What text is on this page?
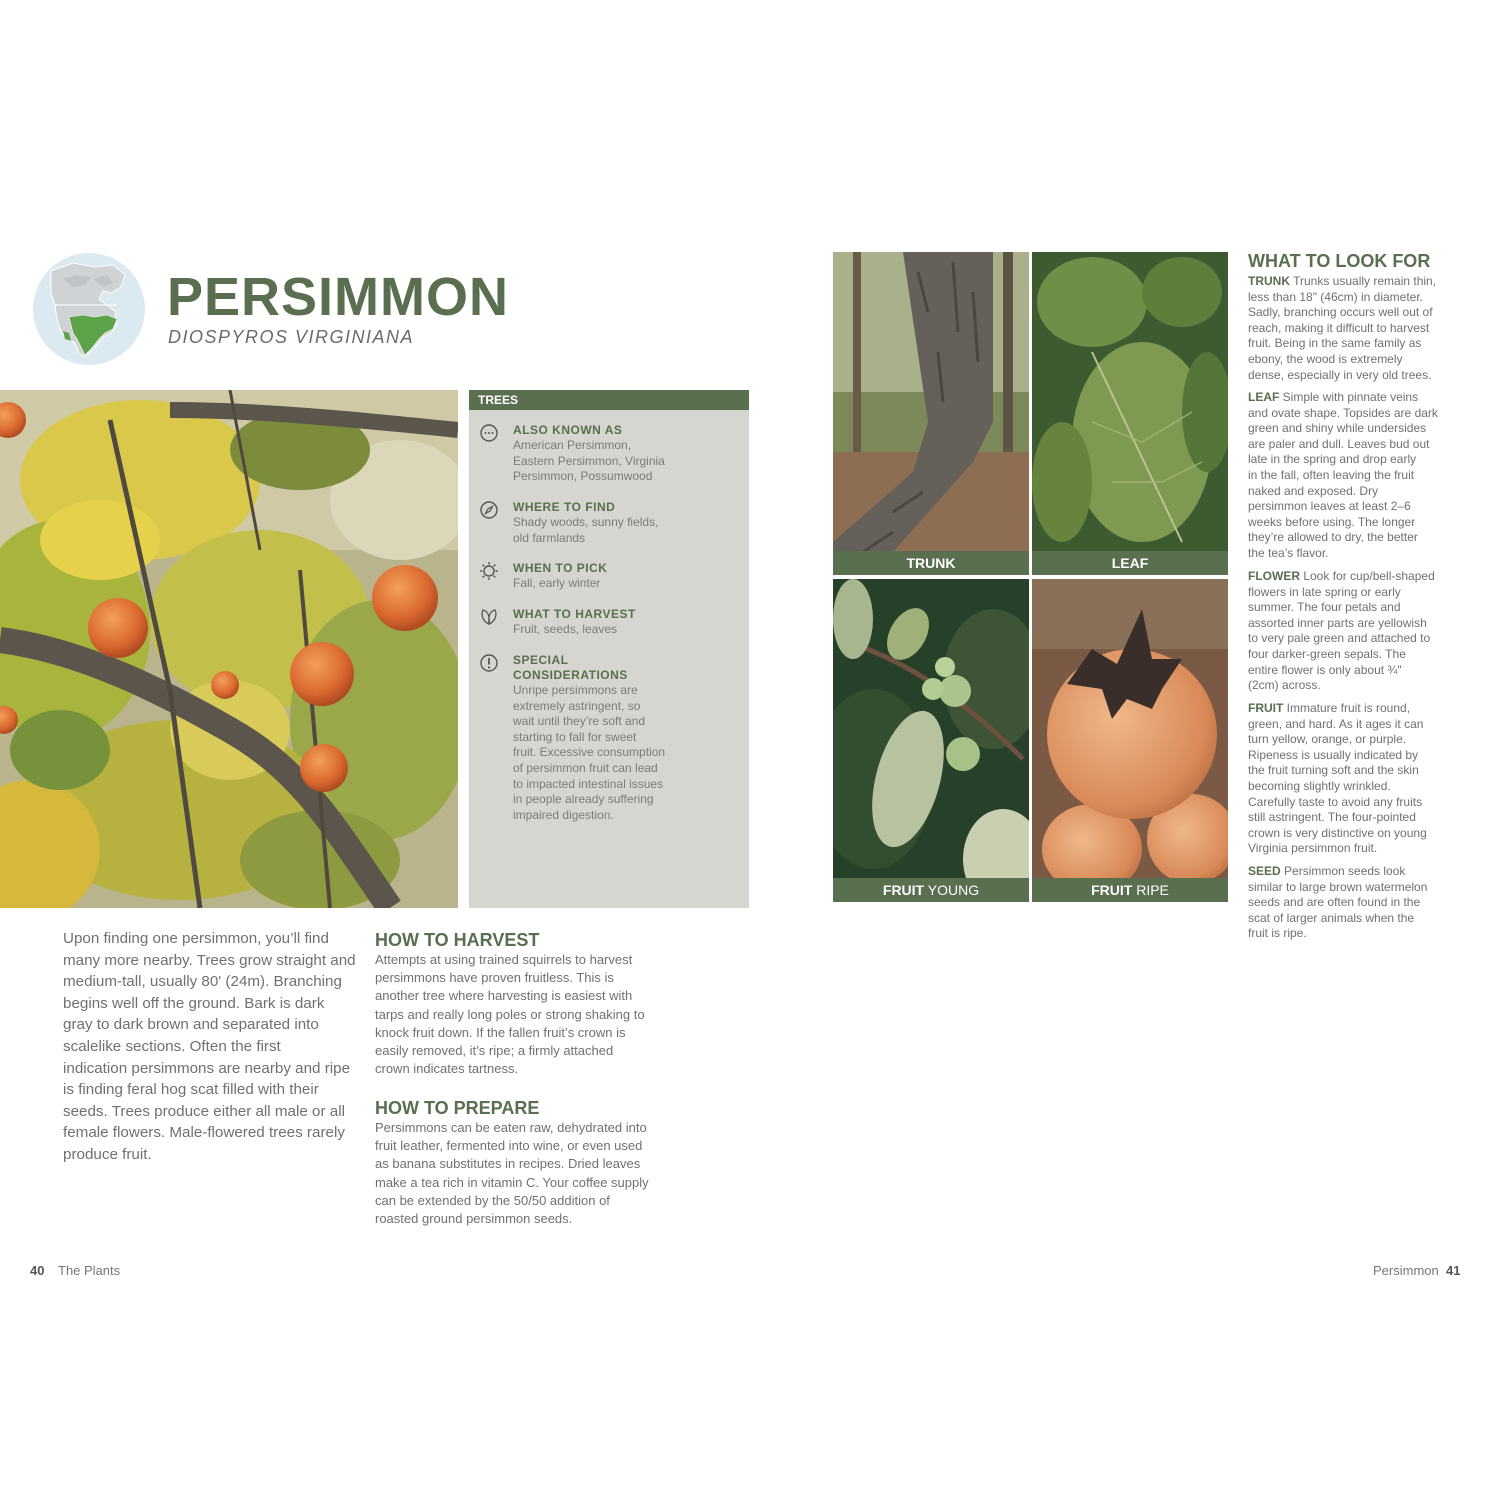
PERSIMMON
DIOSPYROS VIRGINIANA
TREES
ALSO KNOWN AS
American Persimmon,
Eastern Persimmon, Virginia
Persimmon, Possumwood
WHERE TO FIND
Shady woods, sunny fields,
old farmlands
WHEN TO PICK
Fall, early winter
WHAT TO HARVEST
Fruit, seeds, leaves
SPECIAL
CONSIDERATIONS
Unripe persimmons are
extremely astringent, so
wait until they’re soft and
starting to fall for sweet
fruit. Excessive consumption
of persimmon fruit can lead
to impacted intestinal issues
in people already suffering
impaired digestion.
Upon finding one persimmon, you’ll find
many more nearby. Trees grow straight and
medium-tall, usually 80' (24m). Branching
begins well off the ground. Bark is dark
gray to dark brown and separated into
scalelike sections. Often the first
indication persimmons are nearby and ripe
is finding feral hog scat filled with their
seeds. Trees produce either all male or all
female flowers. Male-flowered trees rarely
produce fruit.
HOW TO HARVEST
Attempts at using trained squirrels to harvest
persimmons have proven fruitless. This is
another tree where harvesting is easiest with
tarps and really long poles or strong shaking to
knock fruit down. If the fallen fruit’s crown is
easily removed, it’s ripe; a firmly attached
crown indicates tartness.
HOW TO PREPARE
Persimmons can be eaten raw, dehydrated into
fruit leather, fermented into wine, or even used
as banana substitutes in recipes. Dried leaves
make a tea rich in vitamin C. Your coffee supply
can be extended by the 50/50 addition of
roasted ground persimmon seeds.
40 The Plants
TRUNK	LEAF
FRUIT YOUNG	FRUIT RIPE
WHAT TO LOOK FOR
TRUNK Trunks usually remain thin,
less than 18" (46cm) in diameter.
Sadly, branching occurs well out of
reach, making it difficult to harvest
fruit. Being in the same family as
ebony, the wood is extremely
dense, especially in very old trees.
LEAF Simple with pinnate veins
and ovate shape. Topsides are dark
green and shiny while undersides
are paler and dull. Leaves bud out
late in the spring and drop early
in the fall, often leaving the fruit
naked and exposed. Dry
persimmon leaves at least 2–6
weeks before using. The longer
they’re allowed to dry, the better
the tea’s flavor.
FLOWER Look for cup/bell-shaped
flowers in late spring or early
summer. The four petals and
assorted inner parts are yellowish
to very pale green and attached to
four darker-green sepals. The
entire flower is only about ¾"
(2cm) across.
FRUIT Immature fruit is round,
green, and hard. As it ages it can
turn yellow, orange, or purple.
Ripeness is usually indicated by
the fruit turning soft and the skin
becoming slightly wrinkled.
Carefully taste to avoid any fruits
still astringent. The four-pointed
crown is very distinctive on young
Virginia persimmon fruit.
SEED Persimmon seeds look
similar to large brown watermelon
seeds and are often found in the
scat of larger animals when the
fruit is ripe.
Persimmon 41
